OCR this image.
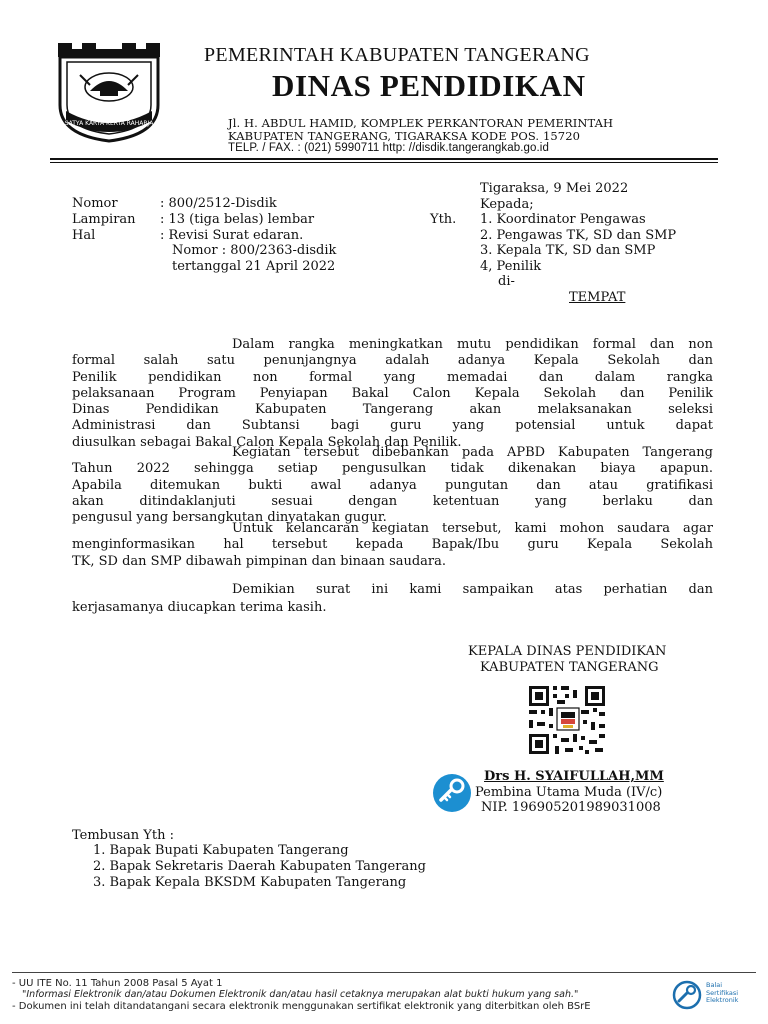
SATYA KARYA KERTA RAHARJA
PEMERINTAH KABUPATEN TANGERANG
DINAS PENDIDIKAN
Jl. H. ABDUL HAMID, KOMPLEK PERKANTORAN PEMERINTAH
KABUPATEN TANGERANG, TIGARAKSA KODE POS. 15720
TELP. / FAX. : (021) 5990711 http: //disdik.tangerangkab.go.id
Nomor	: 800/2512-Disdik
Lampiran : 13 (tiga belas) lembar
Hal	: Revisi Surat edaran.
Nomor : 800/2363-disdik
tertanggal 21 April 2022
Tigaraksa, 9 Mei 2022
Kepada;
Yth. 1. Koordinator Pengawas
2. Pengawas TK, SD dan SMP
3. Kepala TK, SD dan SMP
4, Penilik
di-
TEMPAT
Dalam rangka meningkatkan mutu pendidikan formal dan non
formal salah satu penunjangnya adalah adanya Kepala Sekolah dan
Penilik pendidikan non formal yang memadai dan dalam rangka
pelaksanaan Program Penyiapan Bakal Calon Kepala Sekolah dan Penilik
Dinas Pendidikan Kabupaten Tangerang akan melaksanakan seleksi
Administrasi dan Subtansi bagi guru yang potensial untuk dapat
diusulkan sebagai Bakal Calon Kepala Sekolah dan Penilik.
Kegiatan tersebut dibebankan pada APBD Kabupaten Tangerang
Tahun 2022 sehingga setiap pengusulkan tidak dikenakan biaya apapun.
Apabila ditemukan bukti awal adanya pungutan dan atau gratifikasi
akan ditindaklanjuti sesuai dengan ketentuan yang berlaku dan
pengusul yang bersangkutan dinyatakan gugur.
Untuk kelancaran kegiatan tersebut, kami mohon saudara agar
menginformasikan hal tersebut kepada Bapak/Ibu guru Kepala Sekolah
TK, SD dan SMP dibawah pimpinan dan binaan saudara.
Demikian surat ini kami sampaikan atas perhatian dan
kerjasamanya diucapkan terima kasih.
KEPALA DINAS PENDIDIKAN
KABUPATEN TANGERANG
Drs H. SYAIFULLAH,MM
Pembina Utama Muda (IV/c)
NIP. 196905201989031008
Tembusan Yth :
1. Bapak Bupati Kabupaten Tangerang
2. Bapak Sekretaris Daerah Kabupaten Tangerang
3. Bapak Kepala BKSDM Kabupaten Tangerang
- UU ITE No. 11 Tahun 2008 Pasal 5 Ayat 1
"Informasi Elektronik dan/atau Dokumen Elektronik dan/atau hasil cetaknya merupakan alat bukti hukum yang sah."
- Dokumen ini telah ditandatangani secara elektronik menggunakan sertifikat elektronik yang diterbitkan oleh BSrE
Balai
Sertifikasi
Elektronik
